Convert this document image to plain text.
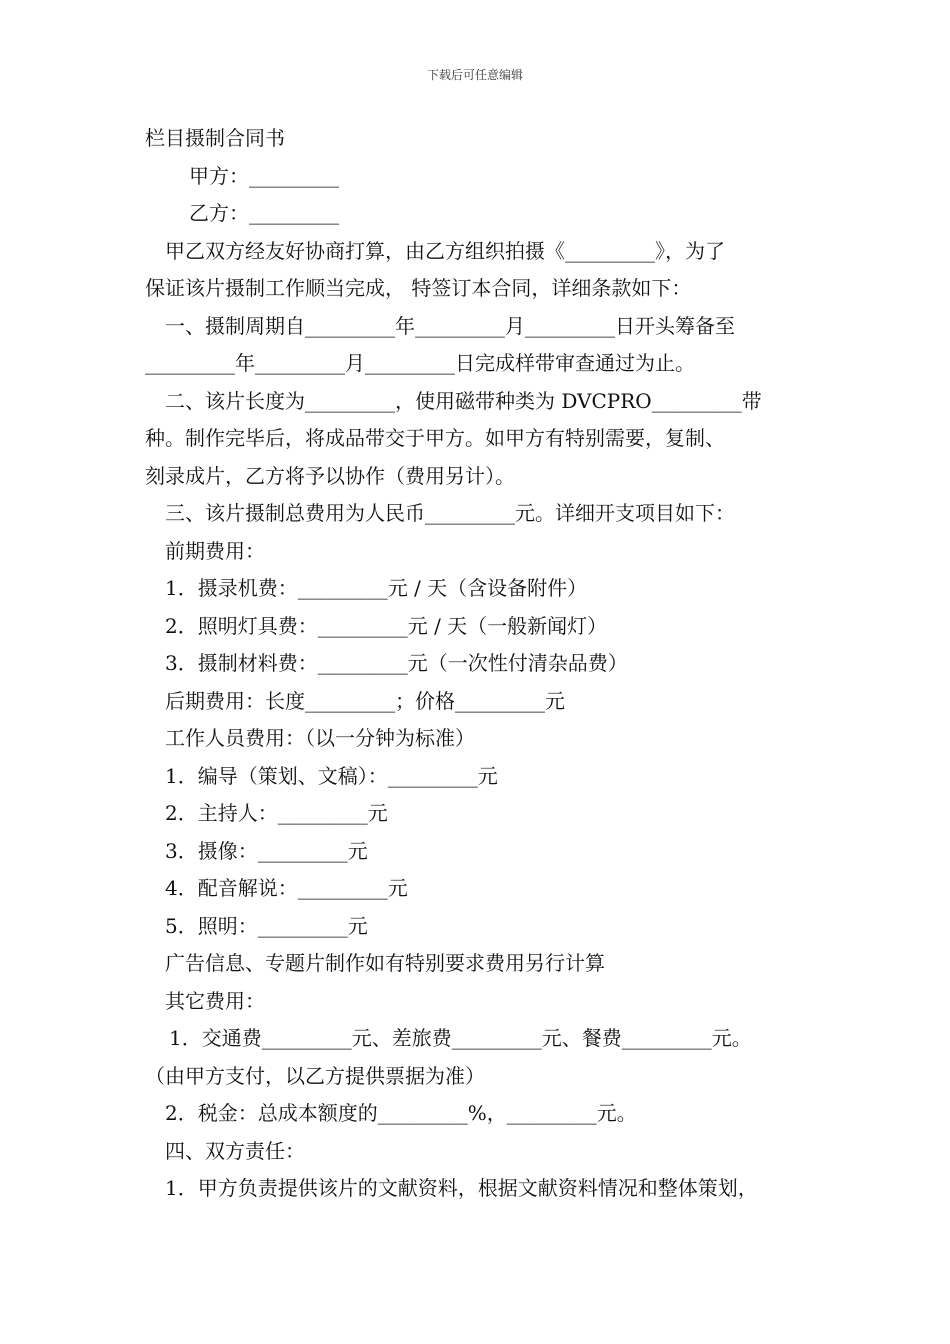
下载后可任意编辑
栏目摄制合同书
甲方：_________
乙方：_________
甲乙双方经友好协商打算，由乙方组织拍摄《_________》，为了
保证该片摄制工作顺当完成， 特签订本合同，详细条款如下：
一、摄制周期自_________年_________月_________日开头筹备至
_________年_________月_________日完成样带审查通过为止。
二、该片长度为_________，使用磁带种类为 DVCPRO_________带
种。制作完毕后，将成品带交于甲方。如甲方有特别需要，复制、
刻录成片，乙方将予以协作（费用另计）。
三、该片摄制总费用为人民币_________元。详细开支项目如下：
前期费用：
1．摄录机费：_________元 / 天（含设备附件）
2．照明灯具费：_________元 / 天（一般新闻灯）
3．摄制材料费：_________元（一次性付清杂品费）
后期费用：长度_________；价格_________元
工作人员费用：（以一分钟为标准）
1．编导（策划、文稿）：_________元
2．主持人：_________元
3．摄像：_________元
4．配音解说：_________元
5．照明：_________元
广告信息、专题片制作如有特别要求费用另行计算
其它费用：
1．交通费_________元、差旅费_________元、餐费_________元。
（由甲方支付，以乙方提供票据为准）
2．税金：总成本额度的_________%，_________元。
四、双方责任：
1．甲方负责提供该片的文献资料，根据文献资料情况和整体策划，
